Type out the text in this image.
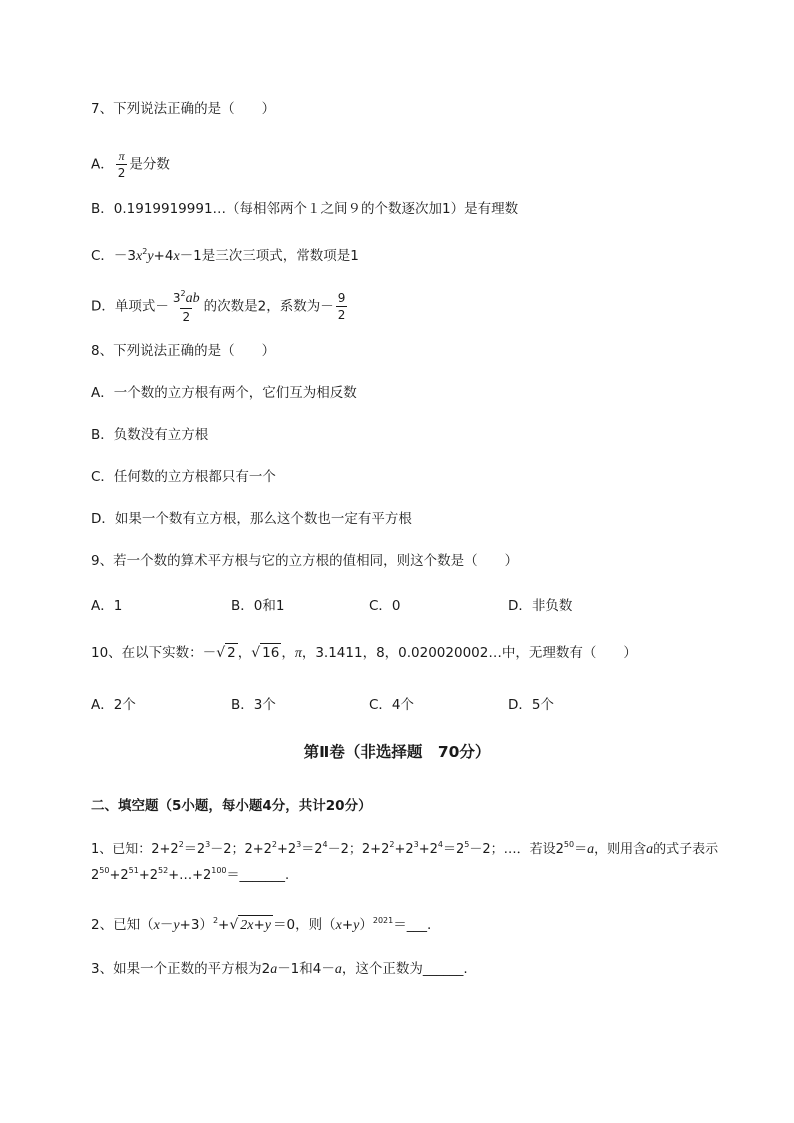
7、下列说法正确的是（　　）
A． $\frac{\pi}{2}$ 是分数
B．0.1919919991…（每相邻两个１之间９的个数逐次加1）是有理数
C．$-3x^2y+4x-1$是三次三项式，常数项是1
D．单项式－ $\frac{3^2ab}{2}$ 的次数是2，系数为－ $\frac{9}{2}$
8、下列说法正确的是（　　）
A．一个数的立方根有两个，它们互为相反数
B．负数没有立方根
C．任何数的立方根都只有一个
D．如果一个数有立方根，那么这个数也一定有平方根
9、若一个数的算术平方根与它的立方根的值相同，则这个数是（　　）
A．1	B．0和1	C．0	D．非负数
10、在以下实数：－√ 2 ，√ 16 ，π，3.1411，8，0.020020002…中，无理数有（　　）
A．2个	B．3个	C．4个	D．5个
第Ⅱ卷（非选择题　70分）
二、填空题（5小题，每小题4分，共计20分）
1、已知：$2+2^2=2^3-2$；$2+2^2+2^3=2^4-2$；$2+2^2+2^3+2^4=2^5-2$；…．若设$2^{50}=a$，则用含a的式子表示
$2^{50}+2^{51}+2^{52}+\dots+2^{100}=\_\_\_\_\_\_\_$.
2、已知$(x-y+3)^2+√$ 2x+y ＝0，则$(x+y)^{2021}=\_\_\_$.
3、如果一个正数的平方根为2a－1和4－a，这个正数为______.
